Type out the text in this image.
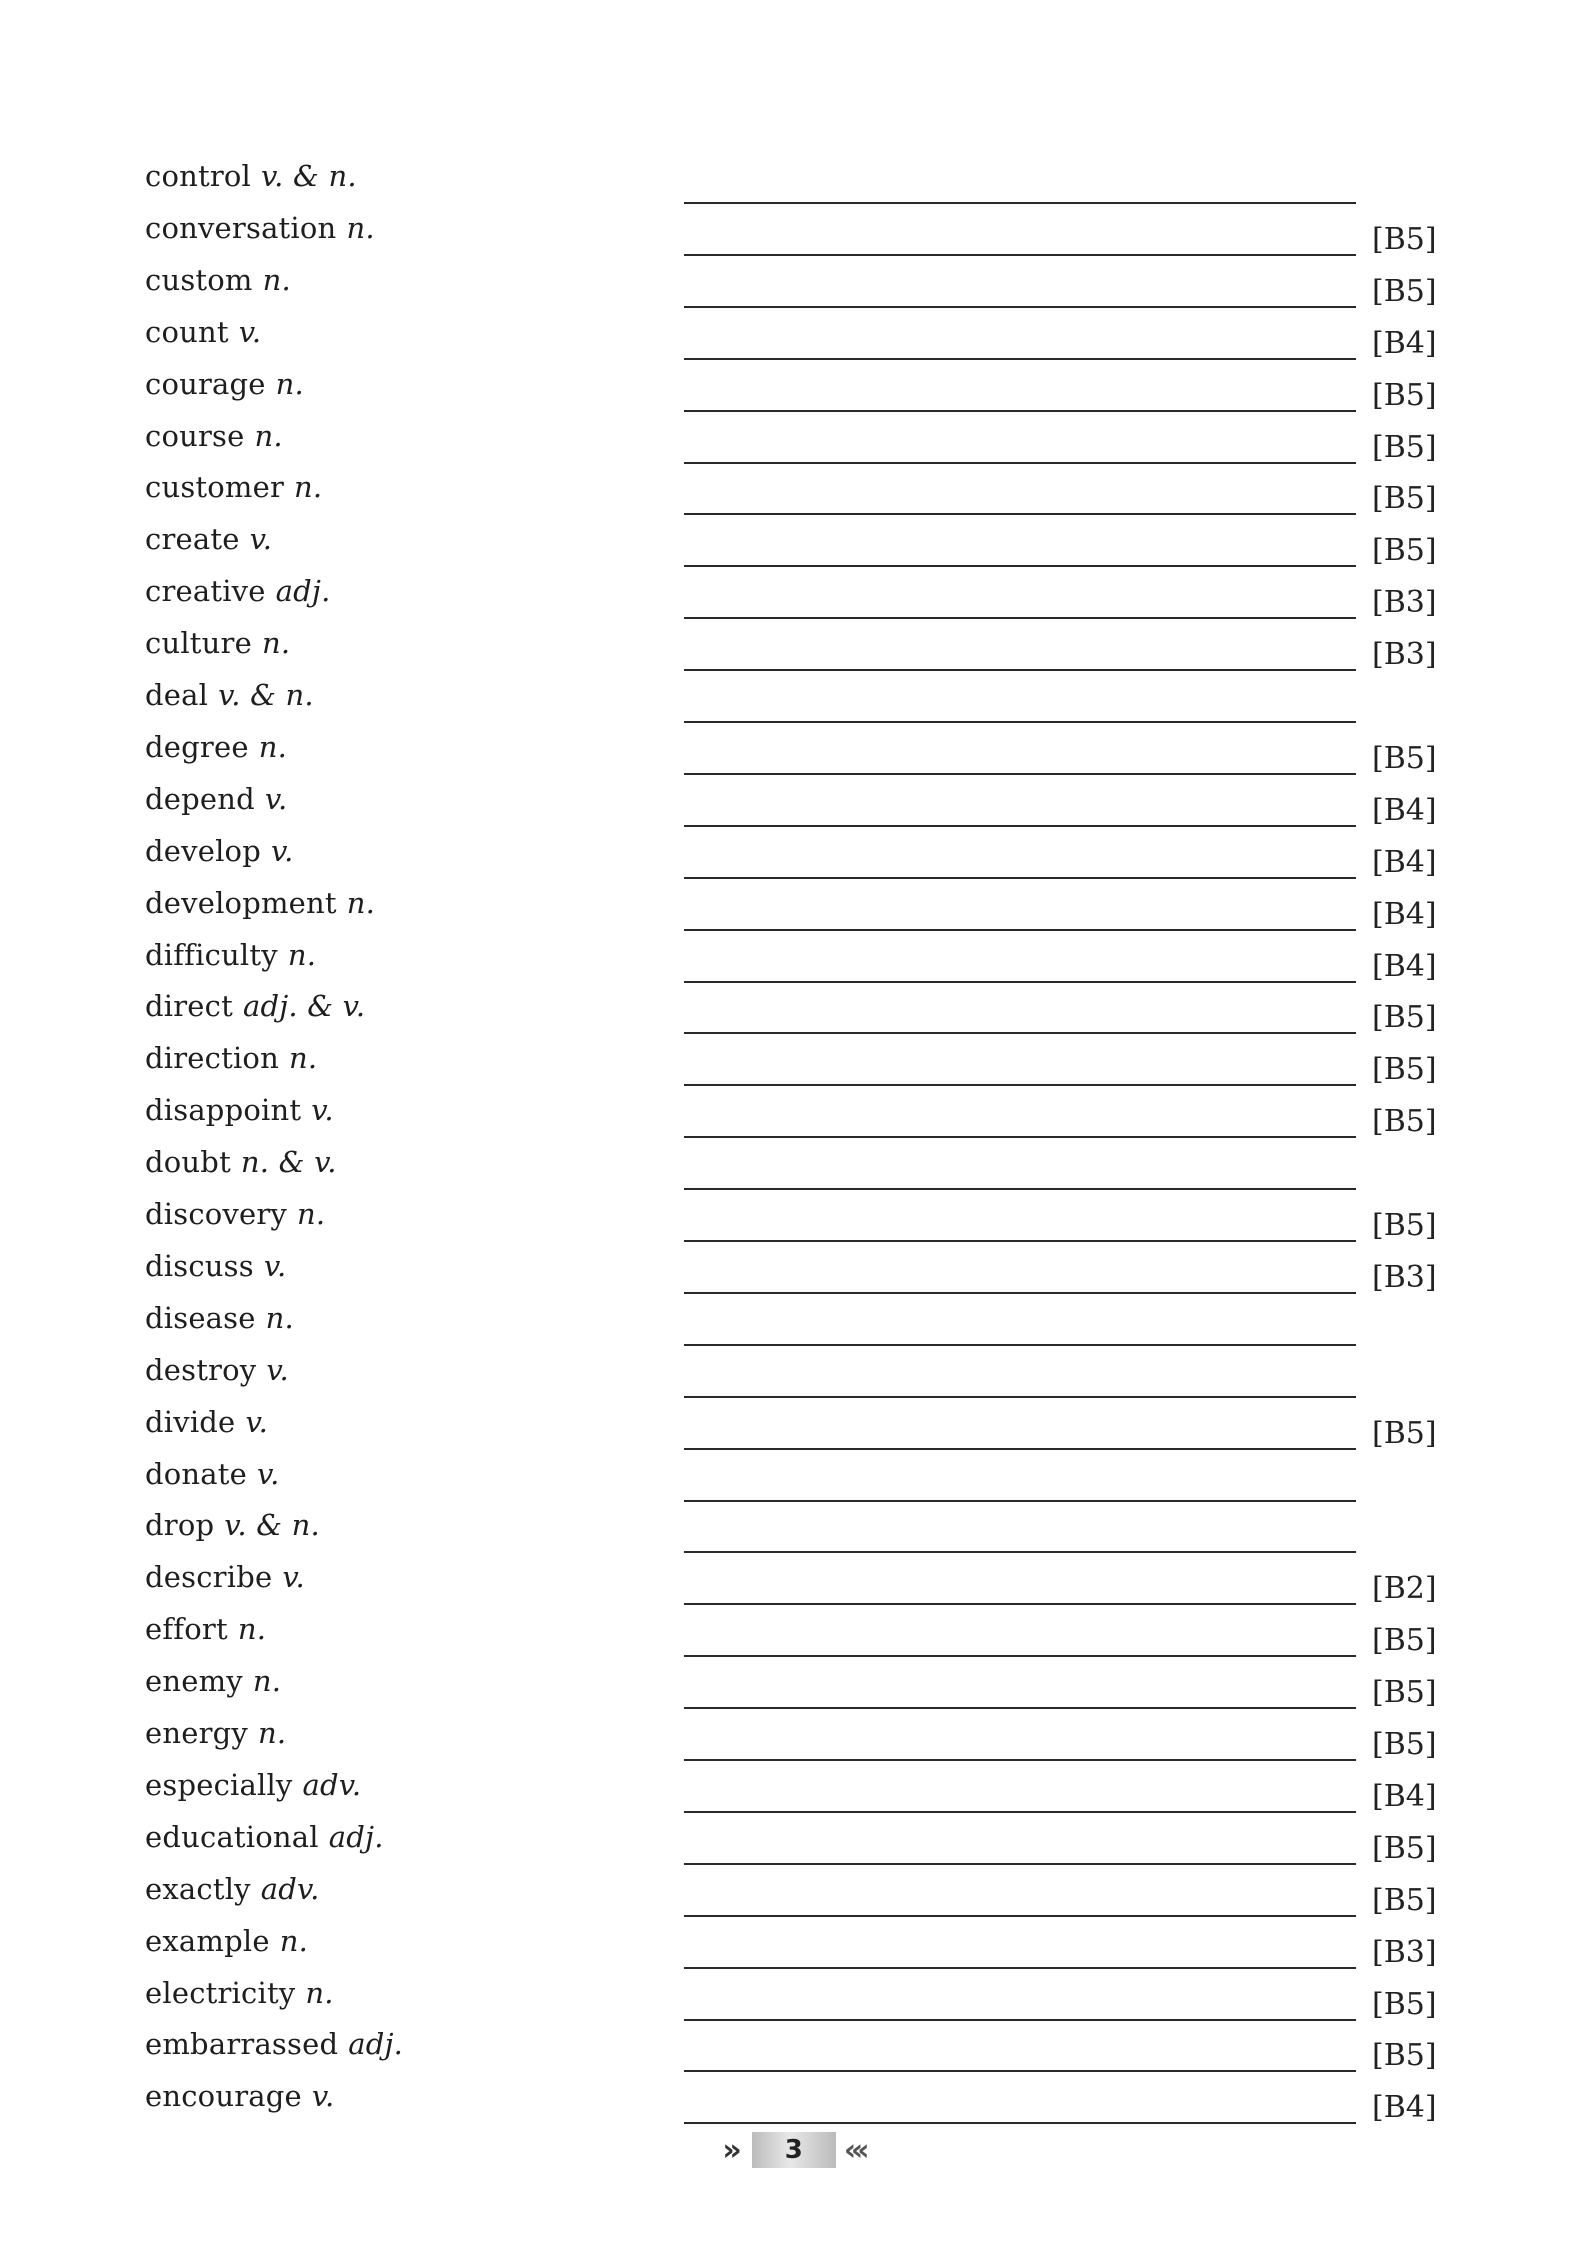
control v. & n.
conversation n.	[B5]
custom n.	[B5]
count v.	[B4]
courage n.	[B5]
course n.	[B5]
customer n.	[B5]
create v.	[B5]
creative adj.	[B3]
culture n.	[B3]
deal v. & n.
degree n.	[B5]
depend v.	[B4]
develop v.	[B4]
development n.	[B4]
difficulty n.	[B4]
direct adj. & v.	[B5]
direction n.	[B5]
disappoint v.	[B5]
doubt n. & v.
discovery n.	[B5]
discuss v.	[B3]
disease n.
destroy v.
divide v.	[B5]
donate v.
drop v. & n.
describe v.	[B2]
effort n.	[B5]
enemy n.	[B5]
energy n.	[B5]
especially adv.	[B4]
educational adj.	[B5]
exactly adv.	[B5]
example n.	[B3]
electricity n.	[B5]
embarrassed adj.	[B5]
encourage v.	[B4]
»	3	«‹
